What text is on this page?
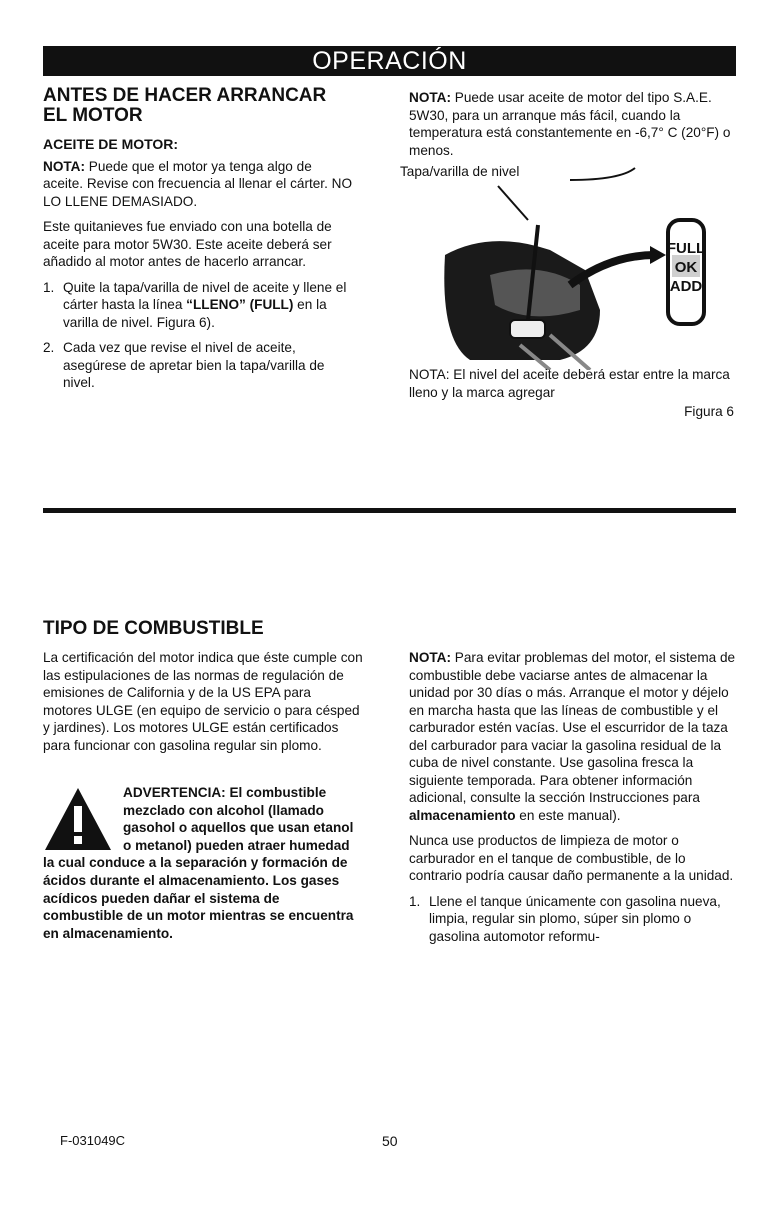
OPERACIÓN
ANTES DE HACER ARRANCAR
EL MOTOR
ACEITE DE MOTOR:

NOTA: Puede que el motor ya tenga algo de aceite. Revise con frecuencia al llenar el cárter. NO LO LLENE DEMASIADO.

Este quitanieves fue enviado con una botella de aceite para motor 5W30. Este aceite deberá ser añadido al motor antes de hacerlo arrancar.

1. Quite la tapa/varilla de nivel de aceite y llene el cárter hasta la línea “LLENO” (FULL) en la varilla de nivel. Figura 6).
2. Cada vez que revise el nivel de aceite, asegúrese de apretar bien la tapa/varilla de nivel.

NOTA: Puede usar aceite de motor del tipo S.A.E. 5W30, para un arranque más fácil, cuando la temperatura está constantemente en -6,7° C (20°F) o menos.

Tapa/varilla de nivel
FULL
OK
ADD
NOTA: El nivel del aceite deberá estar entre la marca lleno y la marca agregar
Figura 6
TIPO DE COMBUSTIBLE

La certificación del motor indica que éste cumple con las estipulaciones de las normas de regulación de emisiones de California y de la US EPA para motores ULGE (en equipo de servicio o para césped y jardines). Los motores ULGE están certificados para funcionar con gasolina regular sin plomo.

ADVERTENCIA: El combustible mezclado con alcohol (llamado gasohol o aquellos que usan etanol o metanol) pueden atraer humedad la cual conduce a la separación y formación de ácidos durante el almacenamiento. Los gases acídicos pueden dañar el sistema de combustible de un motor mientras se encuentra en almacenamiento.

NOTA: Para evitar problemas del motor, el sistema de combustible debe vaciarse antes de almacenar la unidad por 30 días o más. Arranque el motor y déjelo en marcha hasta que las líneas de combustible y el carburador estén vacías. Use el escurridor de la taza del carburador para vaciar la gasolina residual de la cuba de nivel constante. Use gasolina fresca la siguiente temporada. Para obtener información adicional, consulte la sección Instrucciones para almacenamiento en este manual).

Nunca use productos de limpieza de motor o carburador en el tanque de combustible, de lo contrario podría causar daño permanente a la unidad.

1. Llene el tanque únicamente con gasolina nueva, limpia, regular sin plomo, súper sin plomo o gasolina automotor reformu-
F-031049C	50
